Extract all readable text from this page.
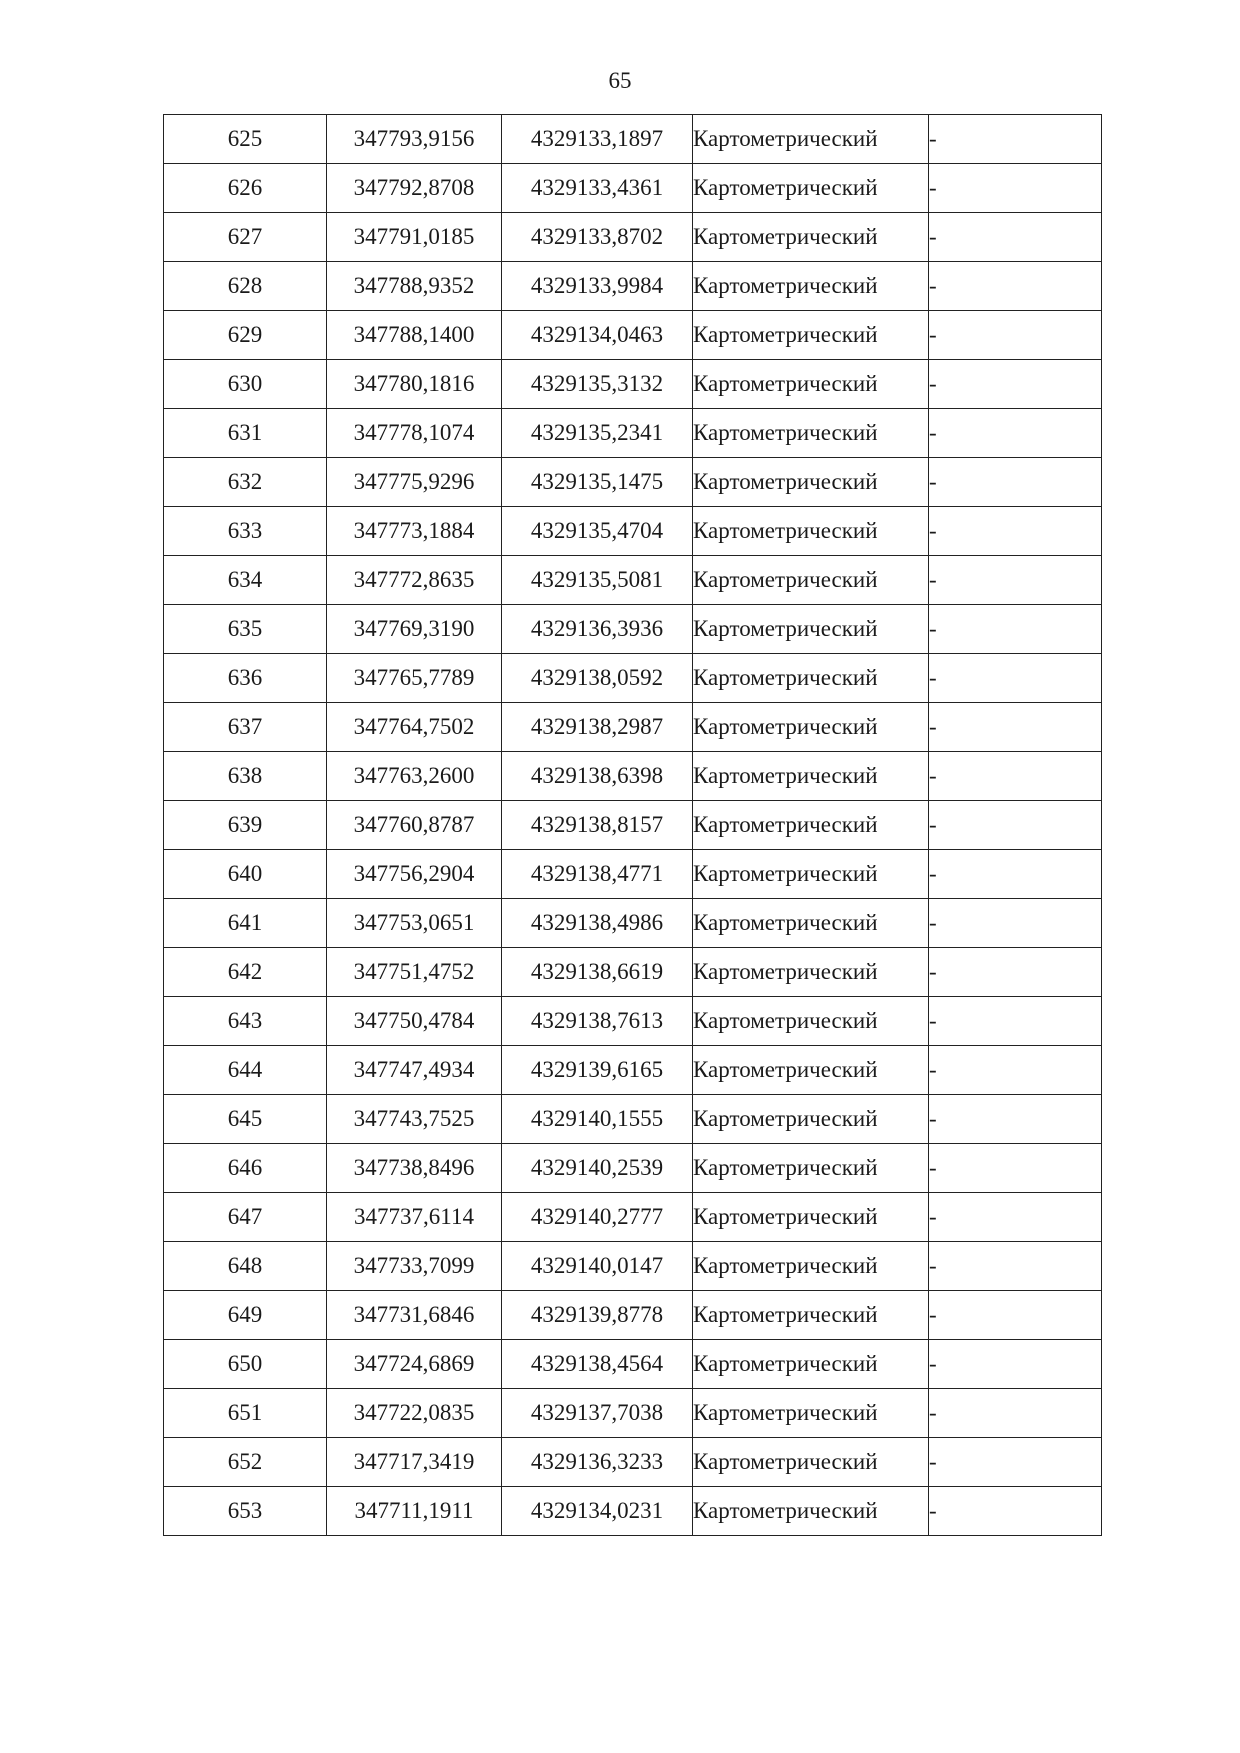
65
625	347793,9156	4329133,1897	Картометрический	-
626	347792,8708	4329133,4361	Картометрический	-
627	347791,0185	4329133,8702	Картометрический	-
628	347788,9352	4329133,9984	Картометрический	-
629	347788,1400	4329134,0463	Картометрический	-
630	347780,1816	4329135,3132	Картометрический	-
631	347778,1074	4329135,2341	Картометрический	-
632	347775,9296	4329135,1475	Картометрический	-
633	347773,1884	4329135,4704	Картометрический	-
634	347772,8635	4329135,5081	Картометрический	-
635	347769,3190	4329136,3936	Картометрический	-
636	347765,7789	4329138,0592	Картометрический	-
637	347764,7502	4329138,2987	Картометрический	-
638	347763,2600	4329138,6398	Картометрический	-
639	347760,8787	4329138,8157	Картометрический	-
640	347756,2904	4329138,4771	Картометрический	-
641	347753,0651	4329138,4986	Картометрический	-
642	347751,4752	4329138,6619	Картометрический	-
643	347750,4784	4329138,7613	Картометрический	-
644	347747,4934	4329139,6165	Картометрический	-
645	347743,7525	4329140,1555	Картометрический	-
646	347738,8496	4329140,2539	Картометрический	-
647	347737,6114	4329140,2777	Картометрический	-
648	347733,7099	4329140,0147	Картометрический	-
649	347731,6846	4329139,8778	Картометрический	-
650	347724,6869	4329138,4564	Картометрический	-
651	347722,0835	4329137,7038	Картометрический	-
652	347717,3419	4329136,3233	Картометрический	-
653	347711,1911	4329134,0231	Картометрический	-
